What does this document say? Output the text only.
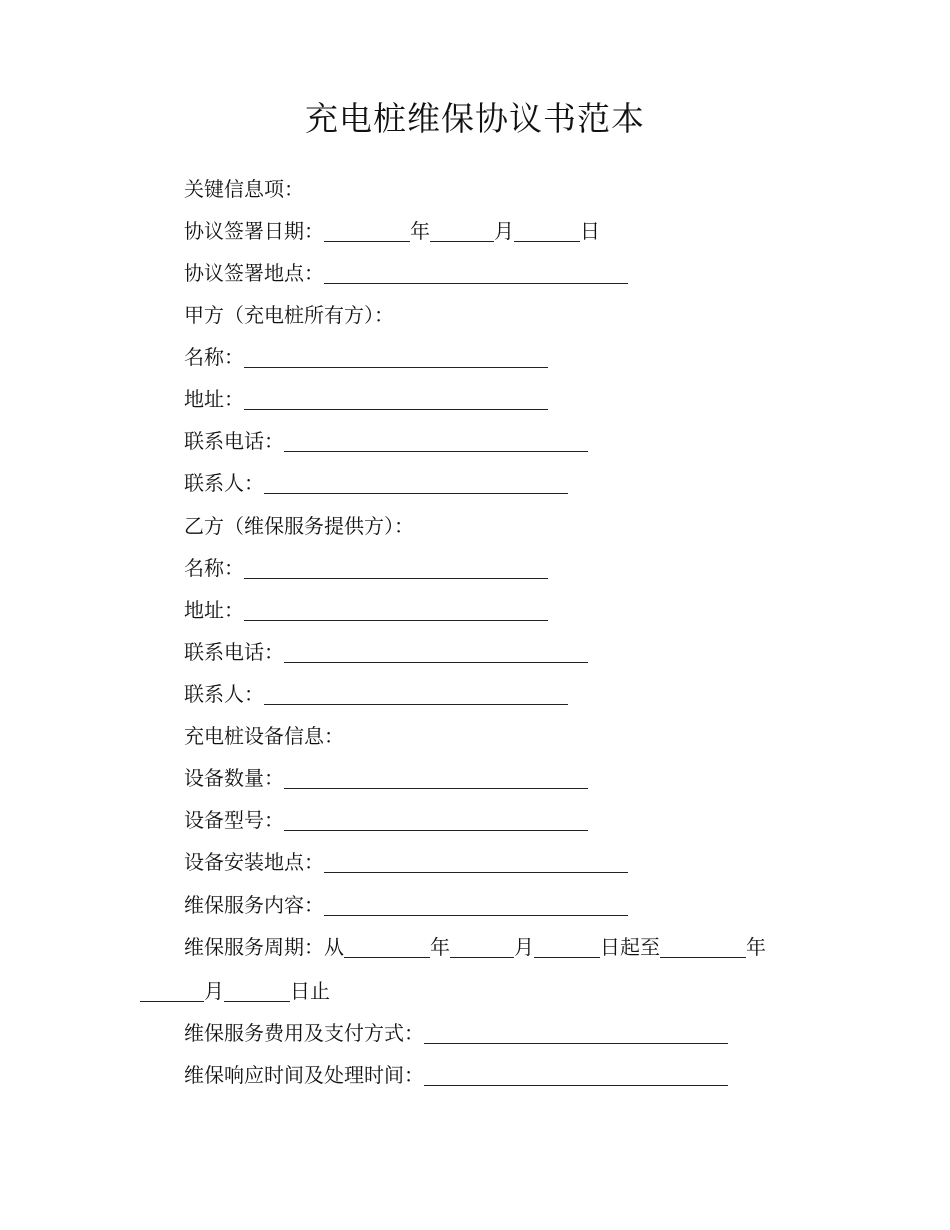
充电桩维保协议书范本
关键信息项：
协议签署日期：	年	月	日
协议签署地点：
甲方（充电桩所有方）：
名称：
地址：
联系电话：
联系人：
乙方（维保服务提供方）：
名称：
地址：
联系电话：
联系人：
充电桩设备信息：
设备数量：
设备型号：
设备安装地点：
维保服务内容：
维保服务周期：从	年	月	日起至	年
月	日止
维保服务费用及支付方式：
维保响应时间及处理时间：
